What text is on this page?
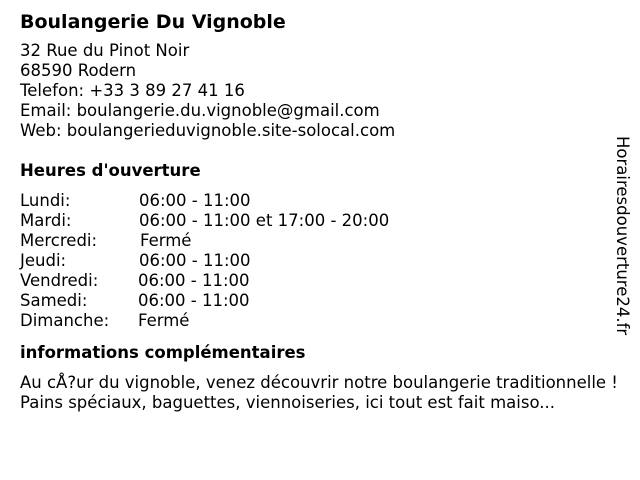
Boulangerie Du Vignoble
32 Rue du Pinot Noir
68590 Rodern
Telefon: +33 3 89 27 41 16
Email: boulangerie.du.vignoble@gmail.com
Web: boulangerieduvignoble.site-solocal.com
Heures d'ouverture
Lundi:	06:00 - 11:00
Mardi:	06:00 - 11:00 et 17:00 - 20:00
Mercredi:	Fermé
Jeudi:	06:00 - 11:00
Vendredi: 06:00 - 11:00
Samedi:	06:00 - 11:00
Dimanche: Fermé
informations complémentaires
Au cÅ?ur du vignoble, venez découvrir notre boulangerie traditionnelle ! Pains spéciaux, baguettes, viennoiseries, ici tout est fait maiso...
Horairesdouverture24.fr
